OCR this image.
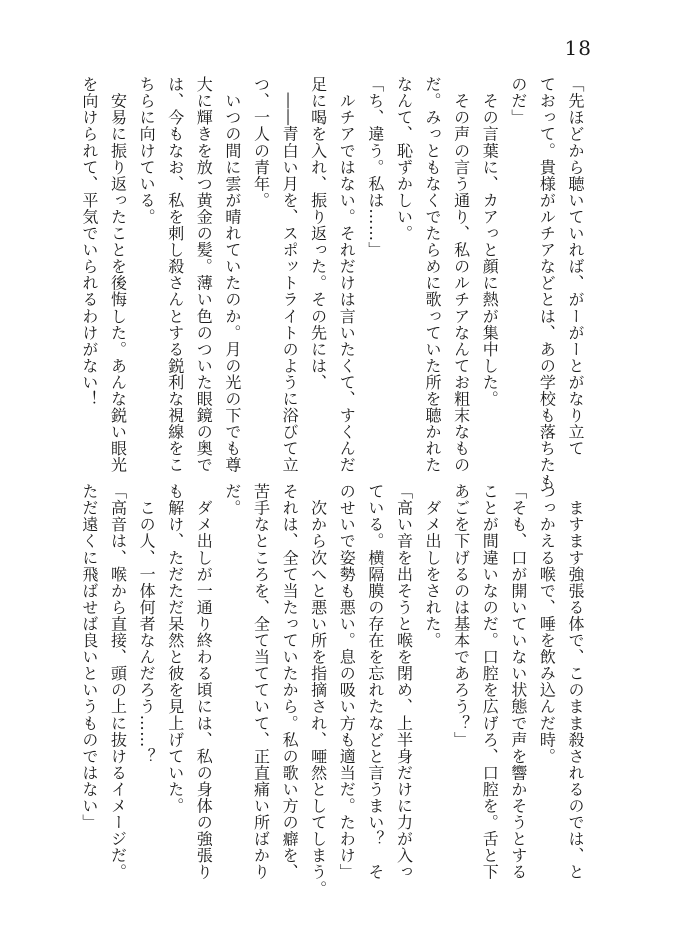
18
「先ほどから聴いていれば、がーがーとがなり立て
ておって。貴様がルチアなどとは、あの学校も落ちたも
のだ」
　その言葉に、カアっと顔に熱が集中した。
　その声の言う通り、私のルチアなんてお粗末なもの
だ。みっともなくでたらめに歌っていた所を聴かれた
なんて、恥ずかしい。
「ち、違う。私は……」
　ルチアではない。それだけは言いたくて、すくんだ
足に喝を入れ、振り返った。その先には、
　――青白い月を、スポットライトのように浴びて立
つ、一人の青年。
　いつの間に雲が晴れていたのか。月の光の下でも尊
大に輝きを放つ黄金の髪。薄い色のついた眼鏡の奥で
は、今もなお、私を刺し殺さんとする鋭利な視線をこ
ちらに向けている。
　安易に振り返ったことを後悔した。あんな鋭い眼光
を向けられて、平気でいられるわけがない！
　ますます強張る体で、このまま殺されるのでは、と
つっかえる喉で、唾を飲み込んだ時。
「そも、口が開いていない状態で声を響かそうとする
ことが間違いなのだ。口腔を広げろ、口腔を。舌と下
あごを下げるのは基本であろう？」
　ダメ出しをされた。
「高い音を出そうと喉を閉め、上半身だけに力が入っ
ている。横隔膜の存在を忘れたなどと言うまい？　そ
のせいで姿勢も悪い。息の吸い方も適当だ。たわけ」
　次から次へと悪い所を指摘され、唖然としてしまう。
それは、全て当たっていたから。私の歌い方の癖を、
苦手なところを、全て当てていて、正直痛い所ばかり
だ。
　ダメ出しが一通り終わる頃には、私の身体の強張り
も解け、ただただ呆然と彼を見上げていた。
　この人、一体何者なんだろう……？
「高音は、喉から直接、頭の上に抜けるイメージだ。
ただ遠くに飛ばせば良いというものではない」
